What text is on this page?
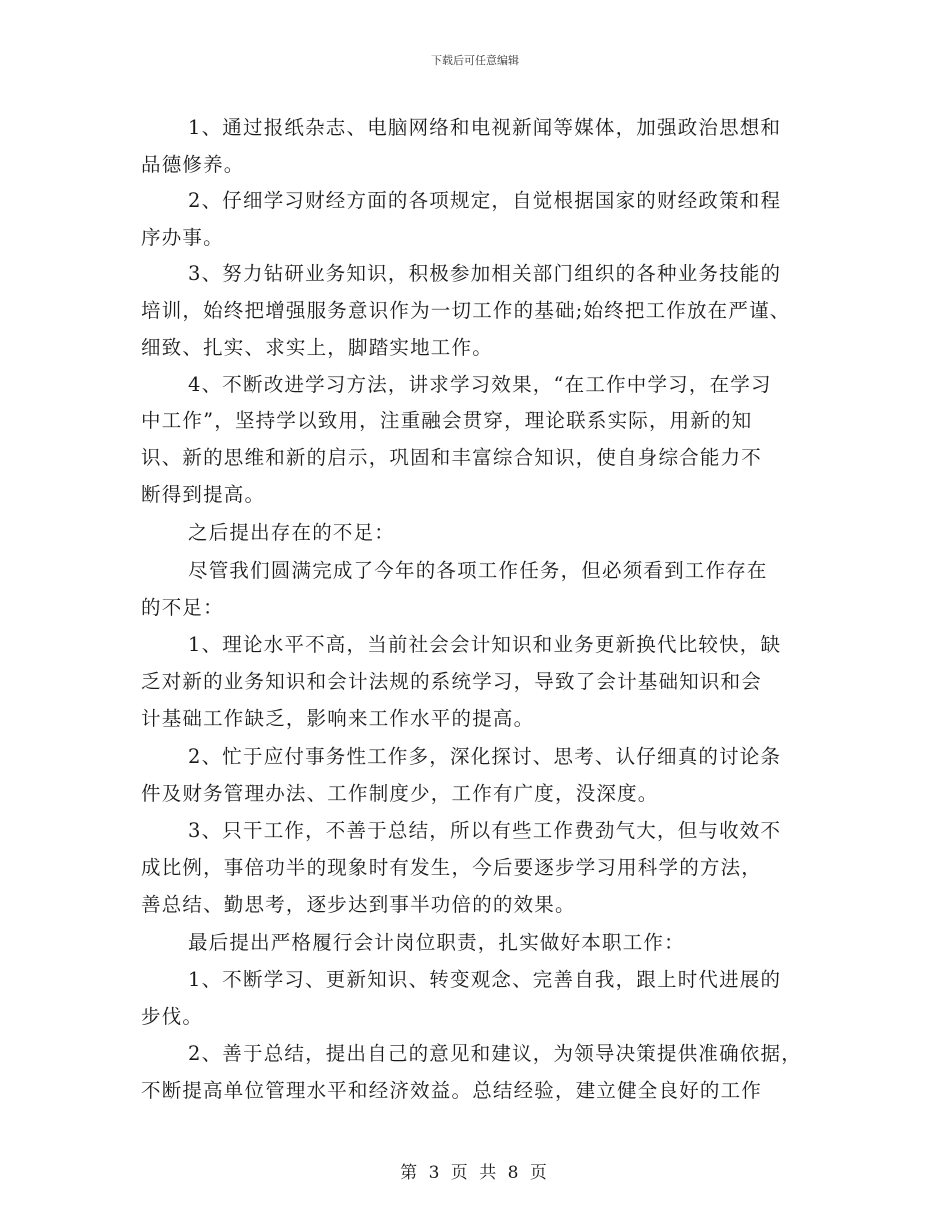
下载后可任意编辑
1、通过报纸杂志、电脑网络和电视新闻等媒体，加强政治思想和
品德修养。
2、仔细学习财经方面的各项规定，自觉根据国家的财经政策和程
序办事。
3、努力钻研业务知识，积极参加相关部门组织的各种业务技能的
培训，始终把增强服务意识作为一切工作的基础;始终把工作放在严谨、
细致、扎实、求实上，脚踏实地工作。
4、不断改进学习方法，讲求学习效果，“在工作中学习，在学习
中工作”，坚持学以致用，注重融会贯穿，理论联系实际，用新的知
识、新的思维和新的启示，巩固和丰富综合知识，使自身综合能力不
断得到提高。
之后提出存在的不足：
尽管我们圆满完成了今年的各项工作任务，但必须看到工作存在
的不足：
1、理论水平不高，当前社会会计知识和业务更新换代比较快，缺
乏对新的业务知识和会计法规的系统学习，导致了会计基础知识和会
计基础工作缺乏，影响来工作水平的提高。
2、忙于应付事务性工作多，深化探讨、思考、认仔细真的讨论条
件及财务管理办法、工作制度少，工作有广度，没深度。
3、只干工作，不善于总结，所以有些工作费劲气大，但与收效不
成比例，事倍功半的现象时有发生，今后要逐步学习用科学的方法，
善总结、勤思考，逐步达到事半功倍的的效果。
最后提出严格履行会计岗位职责，扎实做好本职工作：
1、不断学习、更新知识、转变观念、完善自我，跟上时代进展的
步伐。
2、善于总结，提出自己的意见和建议，为领导决策提供准确依据，
不断提高单位管理水平和经济效益。总结经验，建立健全良好的工作
第 3 页 共 8 页
